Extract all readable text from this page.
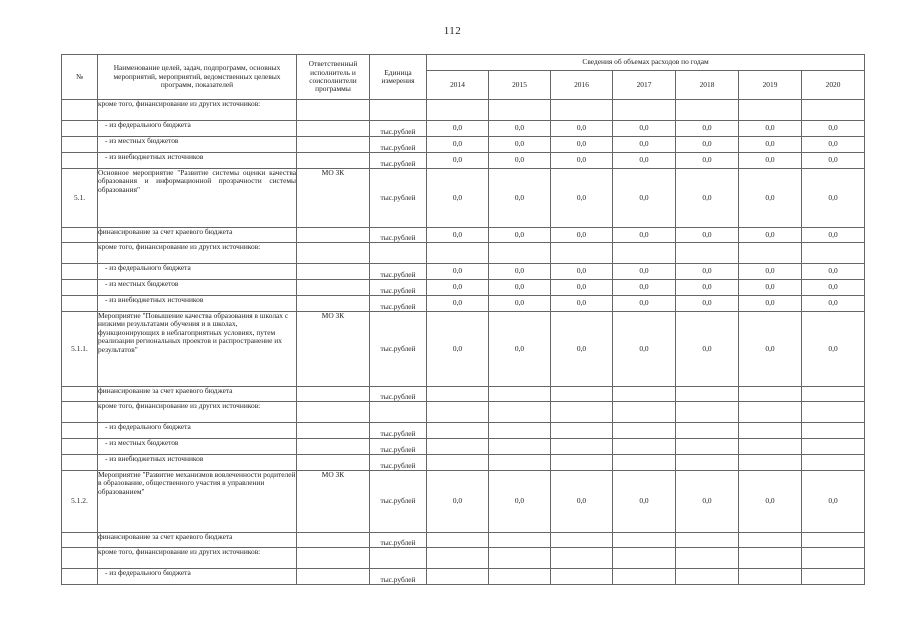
112
№	Наименование целей, задач, подпрограмм, основных мероприятий, мероприятий, ведомственных целевых программ, показателей	Ответственный исполнитель и соисполнители программы	Единица измерения	Сведения об объемах расходов по годам						
				2014	2015	2016	2017	2018	2019	2020
	кроме того, финансирование из других источников:									
	- из федерального бюджета		тыс.рублей	0,0	0,0	0,0	0,0	0,0	0,0	0,0
	- из местных бюджетов		тыс.рублей	0,0	0,0	0,0	0,0	0,0	0,0	0,0
	- из внебюджетных источников		тыс.рублей	0,0	0,0	0,0	0,0	0,0	0,0	0,0
5.1.	Основное мероприятие "Развитие системы оценки качества образования и информационной прозрачности системы образования"	МО ЗК	тыс.рублей	0,0	0,0	0,0	0,0	0,0	0,0	0,0
	финансирование за счет краевого бюджета		тыс.рублей	0,0	0,0	0,0	0,0	0,0	0,0	0,0
	кроме того, финансирование из других источников:									
	- из федерального бюджета		тыс.рублей	0,0	0,0	0,0	0,0	0,0	0,0	0,0
	- из местных бюджетов		тыс.рублей	0,0	0,0	0,0	0,0	0,0	0,0	0,0
	- из внебюджетных источников		тыс.рублей	0,0	0,0	0,0	0,0	0,0	0,0	0,0
5.1.1.	Мероприятие "Повышение качества образования в школах с низкими результатами обучения и в школах, функционирующих в неблагоприятных условиях, путем реализации региональных проектов и распространение их результатов"	МО ЗК	тыс.рублей	0,0	0,0	0,0	0,0	0,0	0,0	0,0
	финансирование за счет краевого бюджета		тыс.рублей							
	кроме того, финансирование из других источников:									
	- из федерального бюджета		тыс.рублей							
	- из местных бюджетов		тыс.рублей							
	- из внебюджетных источников		тыс.рублей							
5.1.2.	Мероприятие "Развитие механизмов вовлеченности родителей в образование, общественного участия в управлении образованием"	МО ЗК	тыс.рублей	0,0	0,0	0,0	0,0	0,0	0,0	0,0
	финансирование за счет краевого бюджета		тыс.рублей							
	кроме того, финансирование из других источников:									
	- из федерального бюджета		тыс.рублей							
